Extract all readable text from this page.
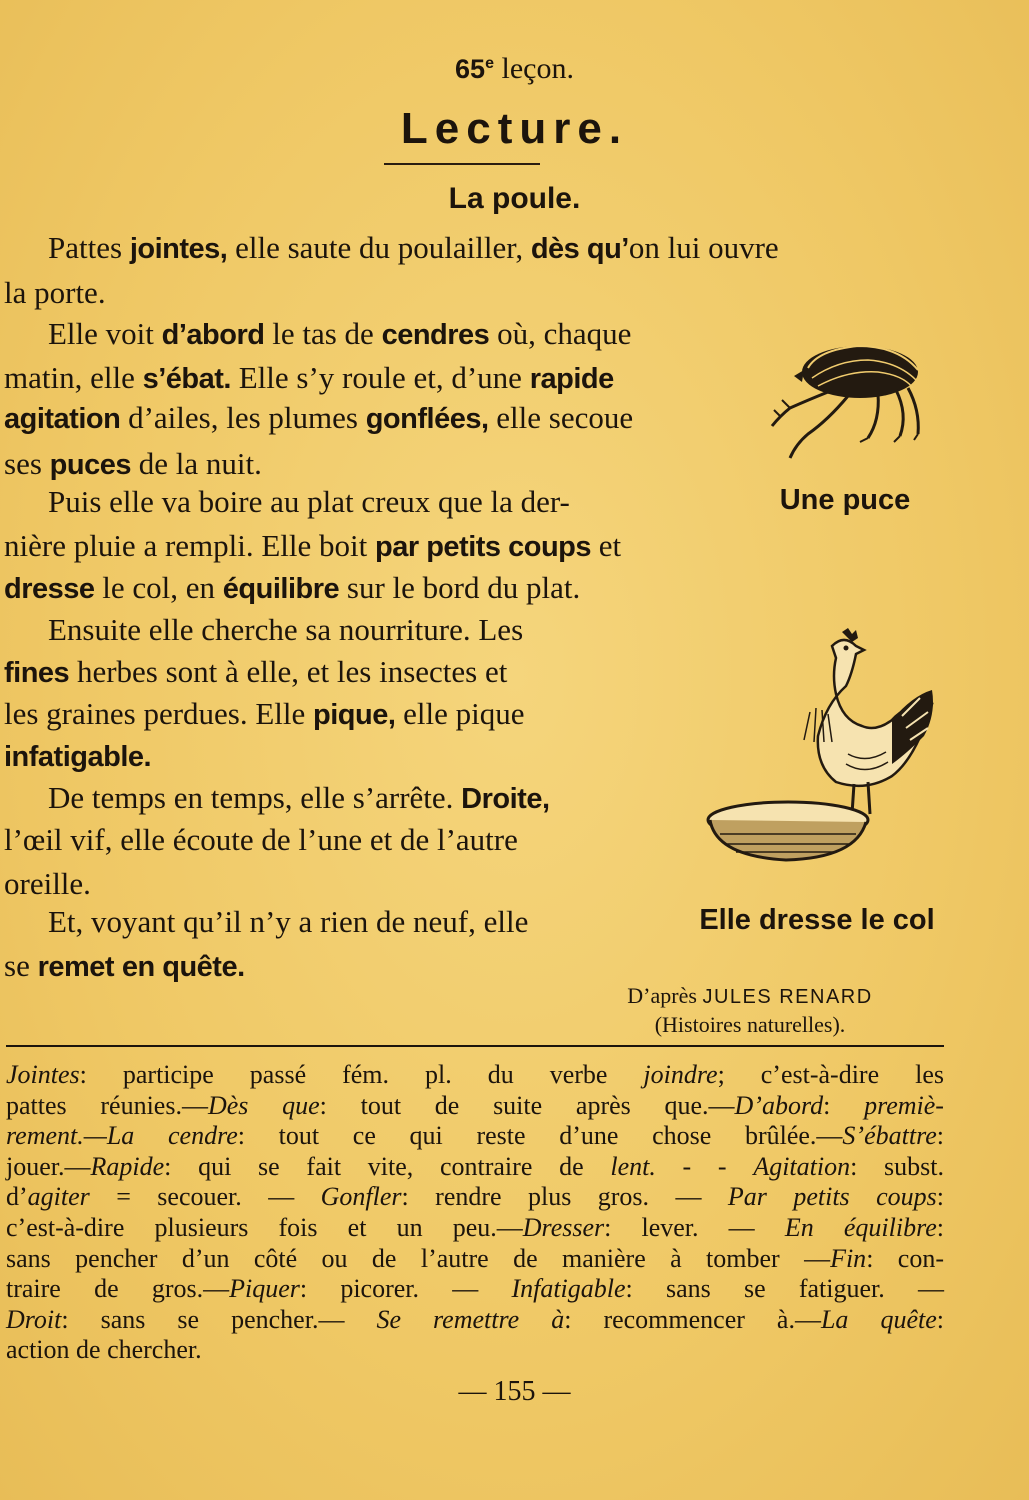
65e leçon.
Lecture.
La poule.
Pattes jointes, elle saute du poulailler, dès qu’on lui ouvre
la porte.
Elle voit d’abord le tas de cendres où, chaque
matin, elle s’ébat. Elle s’y roule et, d’une rapide
agitation d’ailes, les plumes gonflées, elle secoue
ses puces de la nuit.
Puis elle va boire au plat creux que la der-
nière pluie a rempli. Elle boit par petits coups et
dresse le col, en équilibre sur le bord du plat.
Ensuite elle cherche sa nourriture. Les
fines herbes sont à elle, et les insectes et
les graines perdues. Elle pique, elle pique
infatigable.
De temps en temps, elle s’arrête. Droite,
l’œil vif, elle écoute de l’une et de l’autre
oreille.
Et, voyant qu’il n’y a rien de neuf, elle
se remet en quête.
Une puce
Elle dresse le col
D’après JULES RENARD
(Histoires naturelles).
Jointes: participe passé fém. pl. du verbe joindre; c’est-à-dire les
pattes réunies.—Dès que: tout de suite après que.—D’abord: premiè-
rement.—La cendre: tout ce qui reste d’une chose brûlée.—S’ébattre:
jouer.—Rapide: qui se fait vite, contraire de lent. - - Agitation: subst.
d’agiter = secouer. — Gonfler: rendre plus gros. — Par petits coups:
c’est-à-dire plusieurs fois et un peu.—Dresser: lever. — En équilibre:
sans pencher d’un côté ou de l’autre de manière à tomber —Fin: con-
traire de gros.—Piquer: picorer. — Infatigable: sans se fatiguer. —
Droit: sans se pencher.— Se remettre à: recommencer à.—La quête:
action de chercher.
— 155 —
